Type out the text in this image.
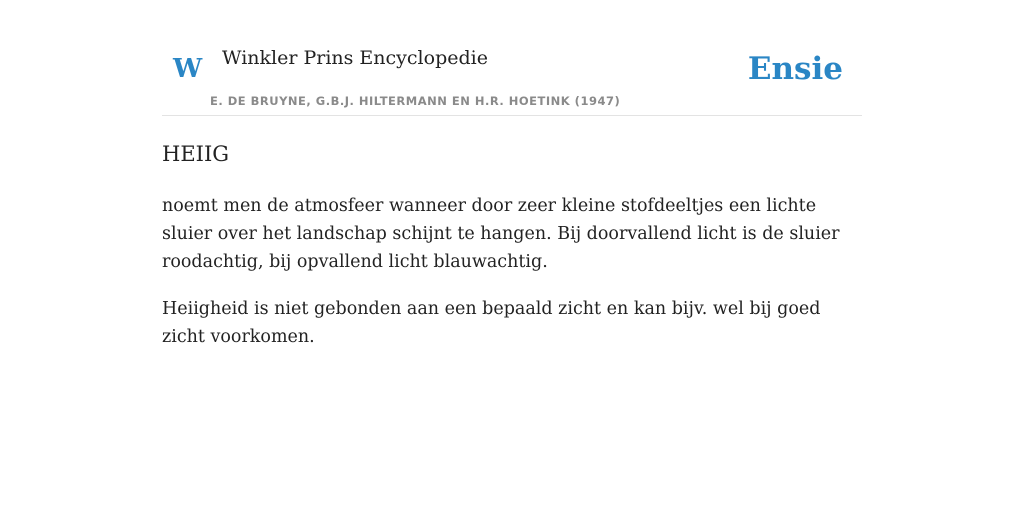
W Winkler Prins Encyclopedie
E. DE BRUYNE, G.B.J. HILTERMANN EN H.R. HOETINK (1947)
Ensie
HEIIG

noemt men de atmosfeer wanneer door zeer kleine stofdeeltjes een lichte sluier over het landschap schijnt te hangen. Bij doorvallend licht is de sluier roodachtig, bij opvallend licht blauwachtig.

Heiigheid is niet gebonden aan een bepaald zicht en kan bijv. wel bij goed zicht voorkomen.
